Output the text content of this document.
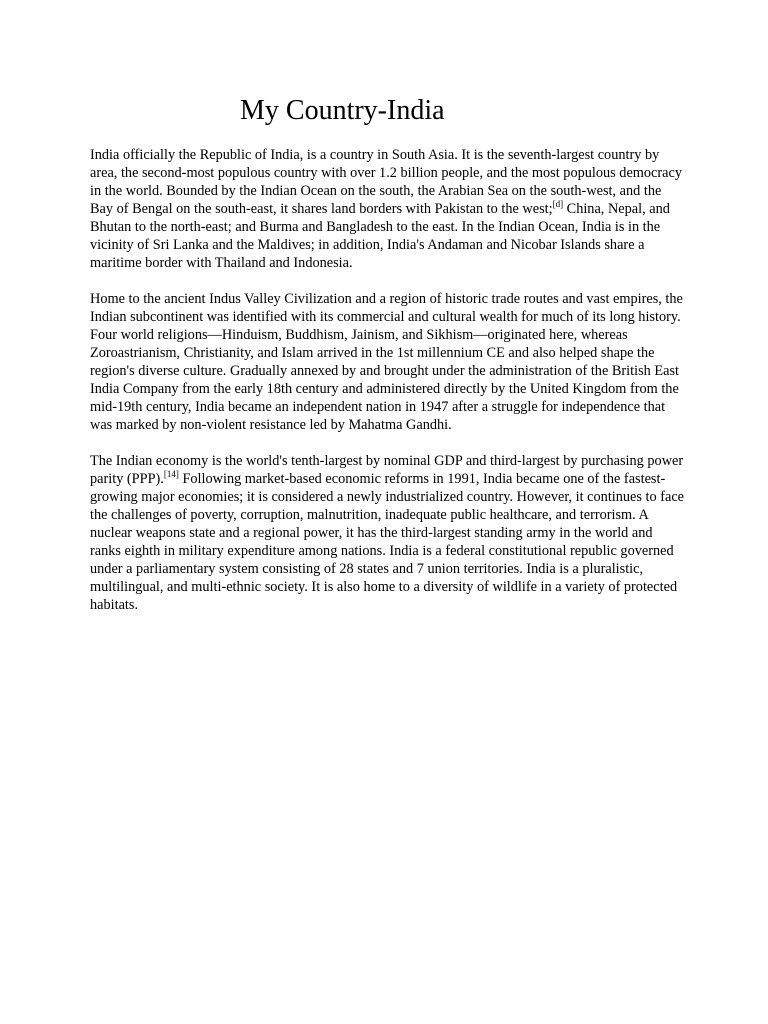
My Country-India

India officially the Republic of India, is a country in South Asia. It is the seventh-largest country by area, the second-most populous country with over 1.2 billion people, and the most populous democracy in the world. Bounded by the Indian Ocean on the south, the Arabian Sea on the south-west, and the Bay of Bengal on the south-east, it shares land borders with Pakistan to the west;[d] China, Nepal, and Bhutan to the north-east; and Burma and Bangladesh to the east. In the Indian Ocean, India is in the vicinity of Sri Lanka and the Maldives; in addition, India's Andaman and Nicobar Islands share a maritime border with Thailand and Indonesia.

Home to the ancient Indus Valley Civilization and a region of historic trade routes and vast empires, the Indian subcontinent was identified with its commercial and cultural wealth for much of its long history. Four world religions—Hinduism, Buddhism, Jainism, and Sikhism—originated here, whereas Zoroastrianism, Christianity, and Islam arrived in the 1st millennium CE and also helped shape the region's diverse culture. Gradually annexed by and brought under the administration of the British East India Company from the early 18th century and administered directly by the United Kingdom from the mid-19th century, India became an independent nation in 1947 after a struggle for independence that was marked by non-violent resistance led by Mahatma Gandhi.

The Indian economy is the world's tenth-largest by nominal GDP and third-largest by purchasing power parity (PPP).[14] Following market-based economic reforms in 1991, India became one of the fastest-growing major economies; it is considered a newly industrialized country. However, it continues to face the challenges of poverty, corruption, malnutrition, inadequate public healthcare, and terrorism. A nuclear weapons state and a regional power, it has the third-largest standing army in the world and ranks eighth in military expenditure among nations. India is a federal constitutional republic governed under a parliamentary system consisting of 28 states and 7 union territories. India is a pluralistic, multilingual, and multi-ethnic society. It is also home to a diversity of wildlife in a variety of protected habitats.
